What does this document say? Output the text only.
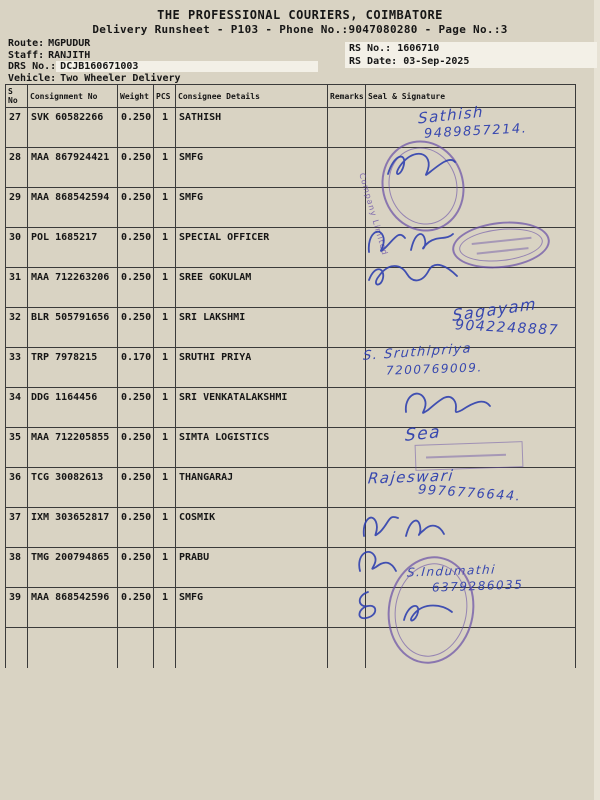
THE PROFESSIONAL COURIERS, COIMBATORE
Delivery Runsheet - P103 - Phone No.:9047080280 - Page No.:3
Route: MGPUDUR
Staff: RANJITH
DRS No.: DCJB160671003
Vehicle: Two Wheeler Delivery
RS No.: 1606710
RS Date: 03-Sep-2025
S No	Consignment No	Weight	PCS	Consignee Details	Remarks	Seal & Signature
27	SVK 60582266	0.250	1	SATHISH		
28	MAA 867924421	0.250	1	SMFG		
29	MAA 868542594	0.250	1	SMFG		
30	POL 1685217	0.250	1	SPECIAL OFFICER		
31	MAA 712263206	0.250	1	SREE GOKULAM		
32	BLR 505791656	0.250	1	SRI LAKSHMI		
33	TRP 7978215	0.170	1	SRUTHI PRIYA		
34	DDG 1164456	0.250	1	SRI VENKATALAKSHMI		
35	MAA 712205855	0.250	1	SIMTA LOGISTICS		
36	TCG 30082613	0.250	1	THANGARAJ		
37	IXM 303652817	0.250	1	COSMIK		
38	TMG 200794865	0.250	1	PRABU		
39	MAA 868542596	0.250	1	SMFG		

Sathish
9489857214.
Company Limited
Sagayam
9042248887
S. Sruthipriya
7200769009.
Sea
Rajeswari
9976776644.
S.Indumathi
6379286035
